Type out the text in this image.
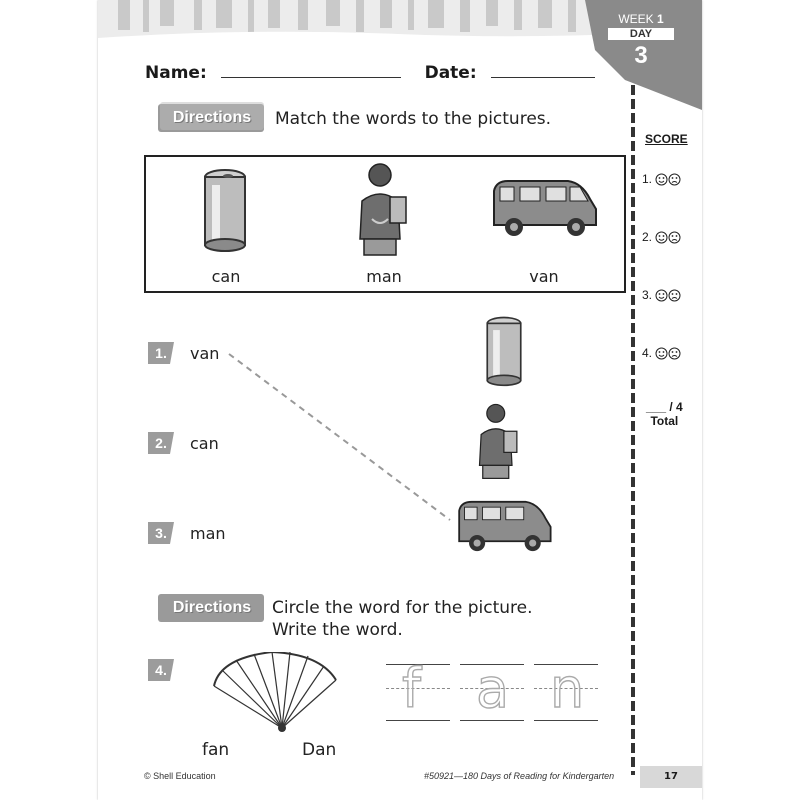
WEEK 1
DAY
3
Name:	Date:
Directions	Match the words to the pictures.
can	man	van
1.	van
2.	can
3.	man
Directions	Circle the word for the picture.
Write the word.
4.
fan	Dan
f a n
SCORE
1.
2.
3.
4.
___ / 4
Total
© Shell Education	#50921—180 Days of Reading for Kindergarten	17
